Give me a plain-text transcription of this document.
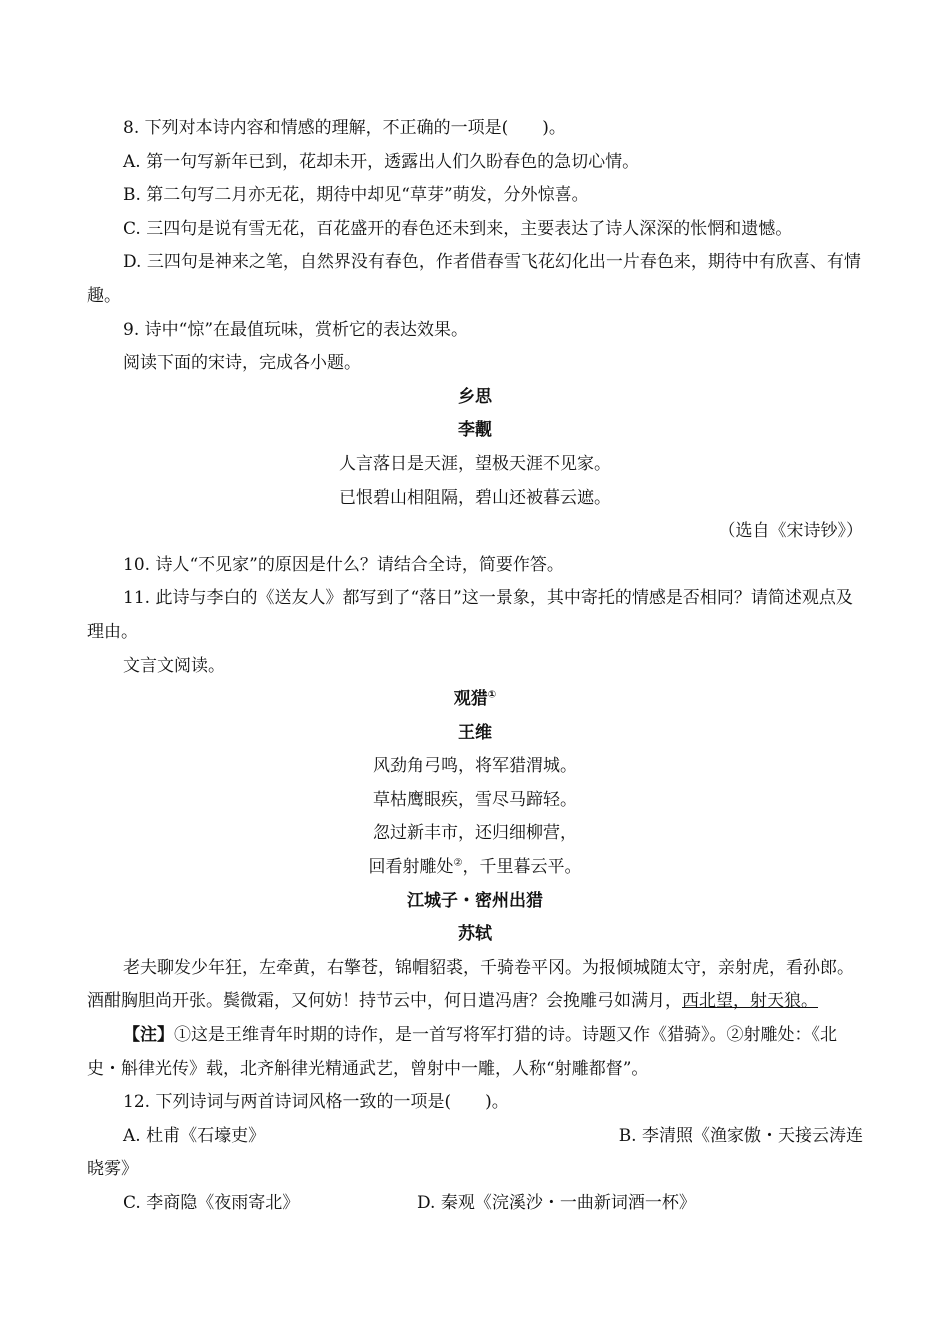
8. 下列对本诗内容和情感的理解，不正确的一项是(　　)。

A. 第一句写新年已到，花却未开，透露出人们久盼春色的急切心情。

B. 第二句写二月亦无花，期待中却见“草芽”萌发，分外惊喜。

C. 三四句是说有雪无花，百花盛开的春色还未到来，主要表达了诗人深深的怅惘和遗憾。

D. 三四句是神来之笔，自然界没有春色，作者借春雪飞花幻化出一片春色来，期待中有欣喜、有情趣。

9. 诗中“惊”在最值玩味，赏析它的表达效果。

阅读下面的宋诗，完成各小题。

乡思

李觏

人言落日是天涯，望极天涯不见家。

已恨碧山相阻隔，碧山还被暮云遮。

（选自《宋诗钞》）

10. 诗人“不见家”的原因是什么？请结合全诗，简要作答。

11. 此诗与李白的《送友人》都写到了“落日”这一景象，其中寄托的情感是否相同？请简述观点及理由。

文言文阅读。

观猎①

王维

风劲角弓鸣，将军猎渭城。

草枯鹰眼疾，雪尽马蹄轻。

忽过新丰市，还归细柳营，

回看射雕处②，千里暮云平。

江城子・密州出猎

苏轼

老夫聊发少年狂，左牵黄，右擎苍，锦帽貂裘，千骑卷平冈。为报倾城随太守，亲射虎，看孙郎。酒酣胸胆尚开张。鬓微霜，又何妨！持节云中，何日遣冯唐？会挽雕弓如满月，西北望，射天狼。

【注】①这是王维青年时期的诗作，是一首写将军打猎的诗。诗题又作《猎骑》。②射雕处：《北史・斛律光传》载，北齐斛律光精通武艺，曾射中一雕，人称“射雕都督”。

12. 下列诗词与两首诗词风格一致的一项是(　　)。

A. 杜甫《石壕吏》	B. 李清照《渔家傲・天接云涛连
晓雾》
C. 李商隐《夜雨寄北》	D. 秦观《浣溪沙・一曲新词酒一杯》
